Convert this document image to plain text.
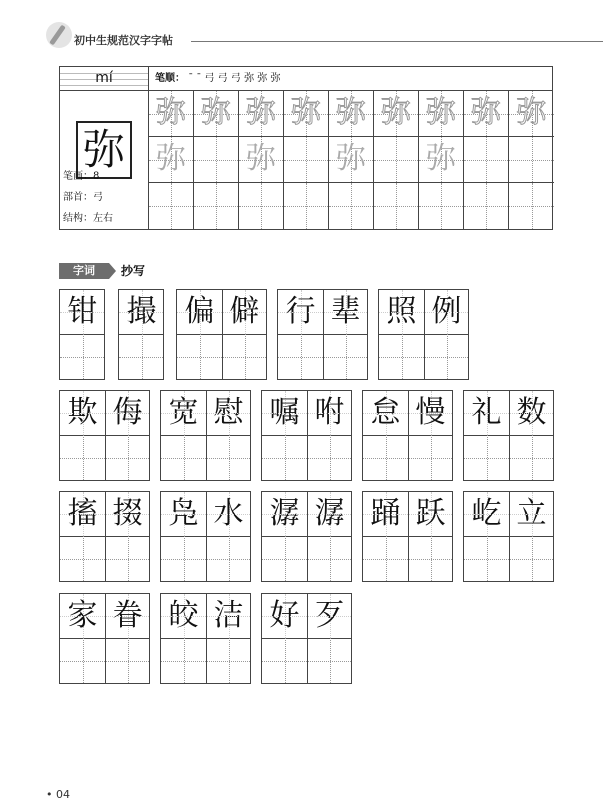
初中生规范汉字字帖
mí	笔顺： ¯ ¯ 弓 弓 弓 弥 弥 弥
弥
笔画：8
部首：弓
结构：左右
弥 弥 弥 弥 弥 弥 弥 弥 弥
弥 弥 弥 弥
字词	抄写
钳 撮 偏 僻 行 辈 照 例
欺 侮 宽 慰 嘱 咐 怠 慢 礼 数
搐 掇 凫 水 潺 潺 踊 跃 屹 立
家 眷 皎 洁 好 歹
• 04
